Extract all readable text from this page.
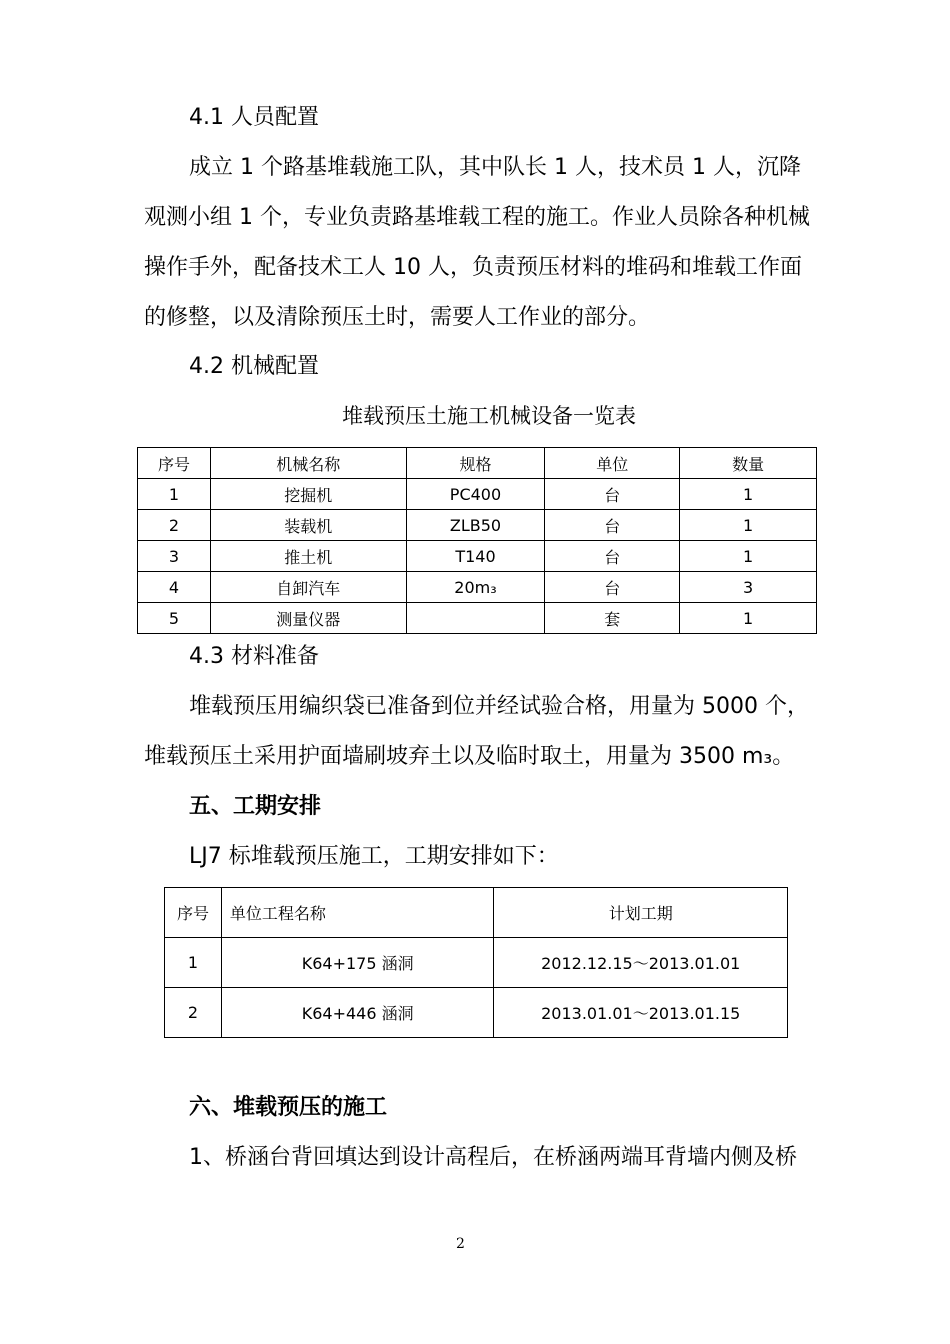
4.1 人员配置
成立 1 个路基堆载施工队，其中队长 1 人，技术员 1 人，沉降
观测小组 1 个，专业负责路基堆载工程的施工。作业人员除各种机械
操作手外，配备技术工人 10 人，负责预压材料的堆码和堆载工作面
的修整，以及清除预压土时，需要人工作业的部分。
4.2 机械配置
堆载预压土施工机械设备一览表
序号	机械名称	规格	单位	数量
1	挖掘机	PC400	台	1
2	装载机	ZLB50	台	1
3	推土机	T140	台	1
4	自卸汽车	20m₃	台	3
5	测量仪器		套	1
4.3 材料准备
堆载预压用编织袋已准备到位并经试验合格，用量为 5000 个，
堆载预压土采用护面墙刷坡弃土以及临时取土，用量为 3500 m₃。
五、工期安排
LJ7 标堆载预压施工，工期安排如下：
序号	单位工程名称	计划工期
1	K64+175 涵洞	2012.12.15～2013.01.01
2	K64+446 涵洞	2013.01.01～2013.01.15
六、堆载预压的施工
1、桥涵台背回填达到设计高程后，在桥涵两端耳背墙内侧及桥
2
